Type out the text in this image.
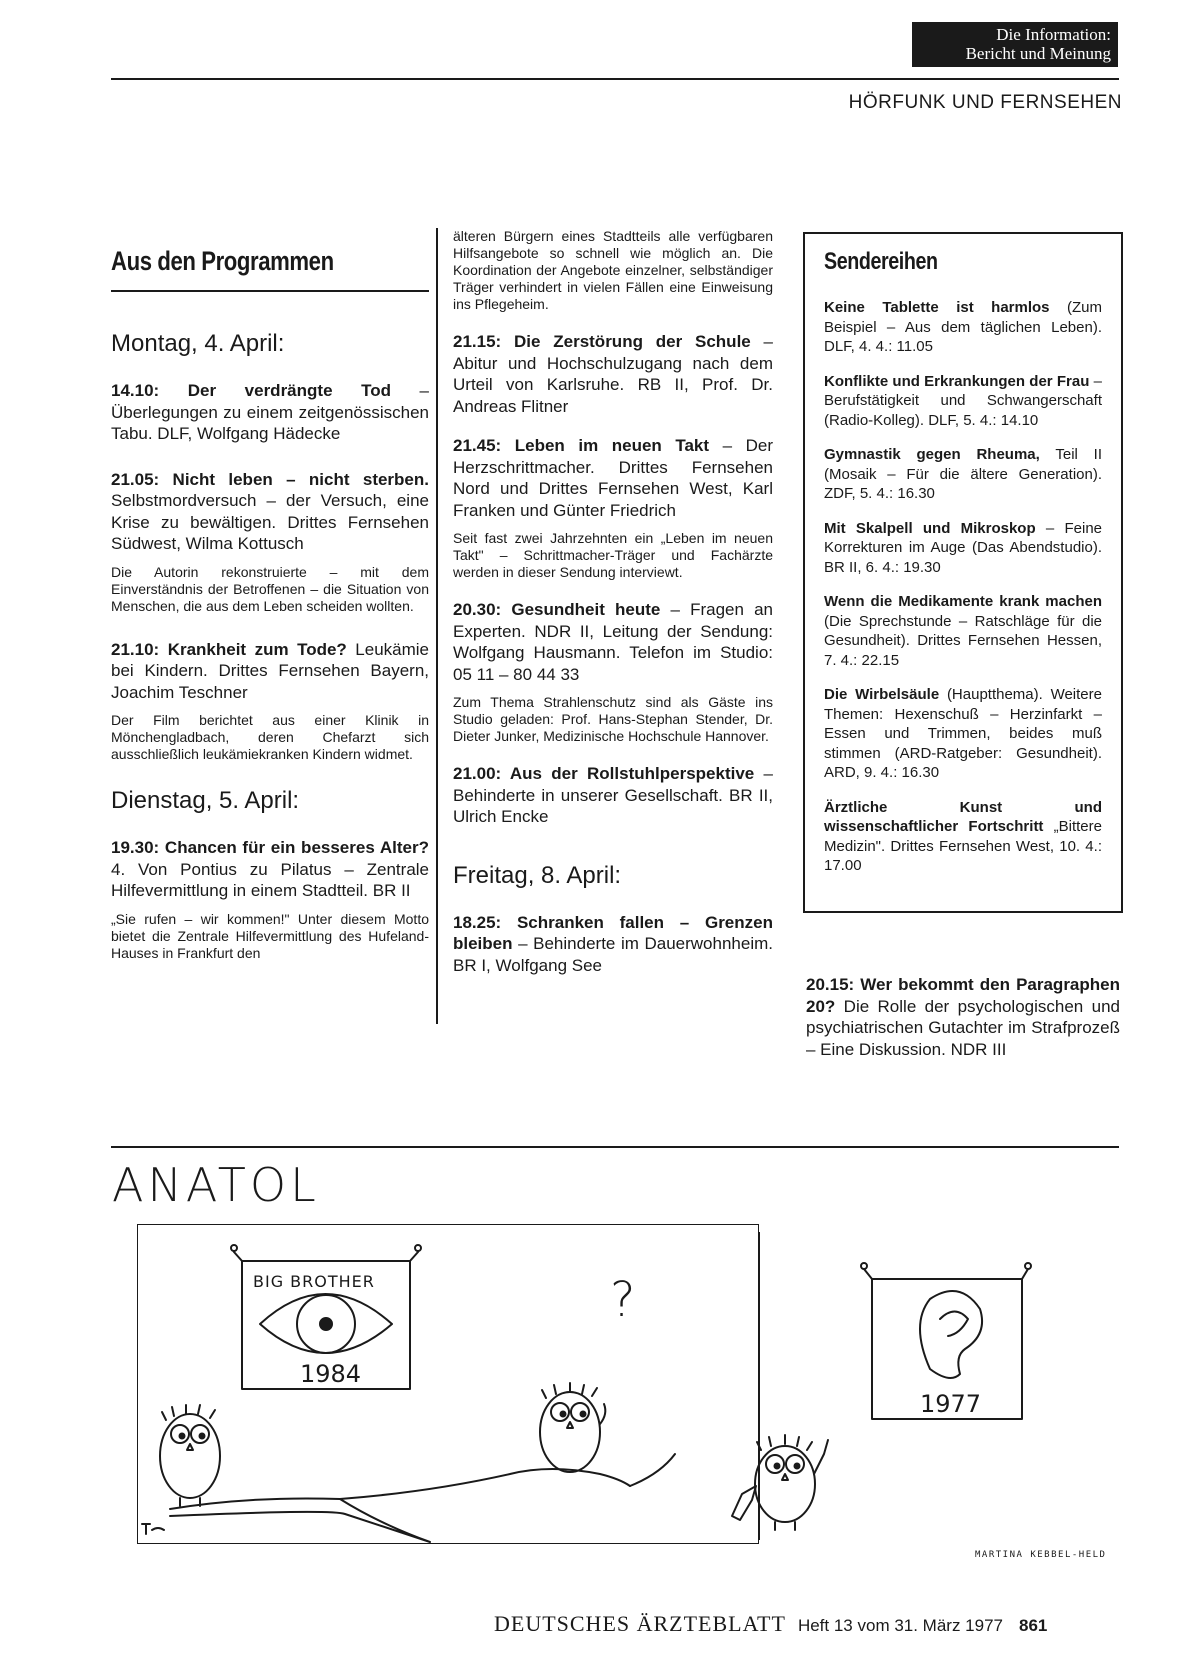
Die Information:
Bericht und Meinung
HÖRFUNK UND FERNSEHEN
Aus den Programmen
Montag, 4. April:
14.10: Der verdrängte Tod – Überlegungen zu einem zeitgenössischen Tabu. DLF, Wolfgang Hädecke
21.05: Nicht leben – nicht sterben. Selbstmordversuch – der Versuch, eine Krise zu bewältigen. Drittes Fernsehen Südwest, Wilma Kottusch
Die Autorin rekonstruierte – mit dem Einverständnis der Betroffenen – die Situation von Menschen, die aus dem Leben scheiden wollten.
21.10: Krankheit zum Tode? Leukämie bei Kindern. Drittes Fernsehen Bayern, Joachim Teschner
Der Film berichtet aus einer Klinik in Mönchengladbach, deren Chefarzt sich ausschließlich leukämiekranken Kindern widmet.
Dienstag, 5. April:
19.30: Chancen für ein besseres Alter? 4. Von Pontius zu Pilatus – Zentrale Hilfevermittlung in einem Stadtteil. BR II
„Sie rufen – wir kommen!" Unter diesem Motto bietet die Zentrale Hilfevermittlung des Hufeland-Hauses in Frankfurt den
älteren Bürgern eines Stadtteils alle verfügbaren Hilfsangebote so schnell wie möglich an. Die Koordination der Angebote einzelner, selbständiger Träger verhindert in vielen Fällen eine Einweisung ins Pflegeheim.
21.15: Die Zerstörung der Schule – Abitur und Hochschulzugang nach dem Urteil von Karlsruhe. RB II, Prof. Dr. Andreas Flitner
21.45: Leben im neuen Takt – Der Herzschrittmacher. Drittes Fernsehen Nord und Drittes Fernsehen West, Karl Franken und Günter Friedrich
Seit fast zwei Jahrzehnten ein „Leben im neuen Takt" – Schrittmacher-Träger und Fachärzte werden in dieser Sendung interviewt.
20.30: Gesundheit heute – Fragen an Experten. NDR II, Leitung der Sendung: Wolfgang Hausmann. Telefon im Studio: 05 11 – 80 44 33
Zum Thema Strahlenschutz sind als Gäste ins Studio geladen: Prof. Hans-Stephan Stender, Dr. Dieter Junker, Medizinische Hochschule Hannover.
21.00: Aus der Rollstuhlperspektive – Behinderte in unserer Gesellschaft. BR II, Ulrich Encke
Freitag, 8. April:
18.25: Schranken fallen – Grenzen bleiben – Behinderte im Dauerwohnheim. BR I, Wolfgang See
Sendereihen
Keine Tablette ist harmlos (Zum Beispiel – Aus dem täglichen Leben). DLF, 4. 4.: 11.05
Konflikte und Erkrankungen der Frau – Berufstätigkeit und Schwangerschaft (Radio-Kolleg). DLF, 5. 4.: 14.10
Gymnastik gegen Rheuma, Teil II (Mosaik – Für die ältere Generation). ZDF, 5. 4.: 16.30
Mit Skalpell und Mikroskop – Feine Korrekturen im Auge (Das Abendstudio). BR II, 6. 4.: 19.30
Wenn die Medikamente krank machen (Die Sprechstunde – Ratschläge für die Gesundheit). Drittes Fernsehen Hessen, 7. 4.: 22.15
Die Wirbelsäule (Hauptthema). Weitere Themen: Hexenschuß – Herzinfarkt – Essen und Trimmen, beides muß stimmen (ARD-Ratgeber: Gesundheit). ARD, 9. 4.: 16.30
Ärztliche Kunst und wissenschaftlicher Fortschritt „Bittere Medizin". Drittes Fernsehen West, 10. 4.: 17.00
20.15: Wer bekommt den Paragraphen 20? Die Rolle der psychologischen und psychiatrischen Gutachter im Strafprozeß – Eine Diskussion. NDR III
ANATOL
BIG BROTHER
1984
?
1977
MARTINA KEBBEL-HELD
DEUTSCHES ÄRZTEBLATT Heft 13 vom 31. März 1977 861
